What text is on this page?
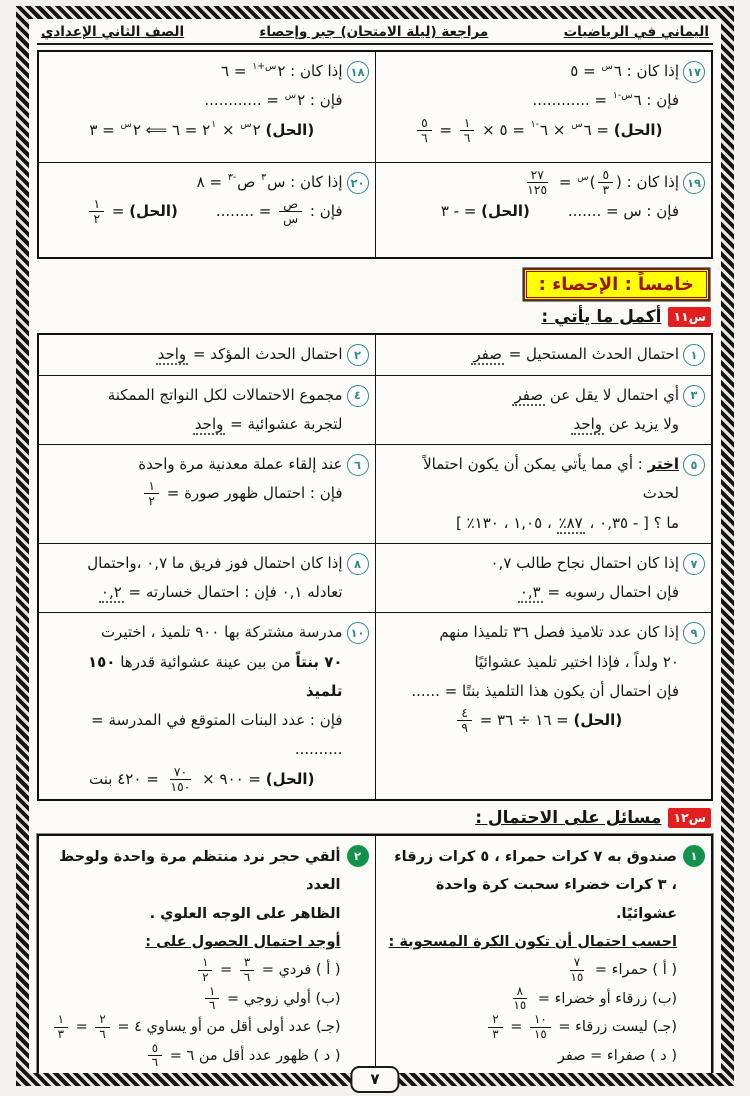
اليماني في الرياضيات
مراجعة (ليلة الامتحان) جبر وإحصاء
الصف الثاني الإعدادي
١٧
إذا كان : $٦^س$ = ٥
فإن : $٦^{س-١}$ = ............
(الحل) = $٦^س$ × $٦^{-١}$ = ٥ ×
$\frac{١}{٦}$
=
$\frac{٥}{٦}$

١٨
إذا كان : $٢^{س+١}$ = ٦
فإن : $٢^س$ = ............
(الحل) $٢^س$ × $٢^١$ = ٦ ⟸ $٢^س$ = ٣

١٩
إذا كان : (
$\frac{٥}{٣}$
)$^س$ =
$\frac{٢٧}{١٢٥}$
فإن : س = .......(الحل) = - ٣

٢٠
إذا كان : س$^٣$ ص$^{-٣}$ = ٨
فإن :
$\frac{\text{ص}}{\text{س}}$
= ........(الحل) =
$\frac{١}{٢}$
خامساً : الإحصاء :
س١١
أكمل ما يأتي :
١
احتمال الحدث المستحيل = صفر	٢
احتمال الحدث المؤكد = واحد

٣
أي احتمال لا يقل عن صفر
ولا يزيد عن واحد

٤
مجموع الاحتمالات لكل النواتج الممكنة
لتجربة عشوائية = واحد

٥
اختر : أي مما يأتي يمكن أن يكون احتمالاً لحدث
ما ؟ [ - ٠,٣٥ ، ٨٧٪ ، ١,٠٥ ، ١٣٠٪ ]

٦
عند إلقاء عملة معدنية مرة واحدة
فإن : احتمال ظهور صورة =
$\frac{١}{٢}$

٧
إذا كان احتمال نجاح طالب ٠,٧
فإن احتمال رسوبه = ٠,٣

٨
إذا كان احتمال فوز فريق ما ٠,٧ ،واحتمال
تعادله ٠,١ فإن : احتمال خسارته = ٠,٢

٩
إذا كان عدد تلاميذ فصل ٣٦ تلميذا منهم
٢٠ ولداً ، فإذا اختير تلميذ عشوائيًا
فإن احتمال أن يكون هذا التلميذ بنتًا = ......
(الحل) = ١٦ ÷ ٣٦ =
$\frac{٤}{٩}$

١٠
مدرسة مشتركة بها ٩٠٠ تلميذ ، اختيرت
٧٠ بنتاً من بين عينة عشوائية قدرها ١٥٠ تلميذ
فإن : عدد البنات المتوقع في المدرسة = ..........
(الحل) = ٩٠٠ ×
$\frac{٧٠}{١٥٠}$
= ٤٢٠ بنت
س١٢
مسائل على الاحتمال :
١
صندوق به ٧ كرات حمراء ، ٥ كرات زرقاء
، ٣ كرات خضراء سحبت كرة واحدة عشوائيًا.
احسب احتمال أن تكون الكرة المسحوبة :
( أ ) حمراء =
$\frac{٧}{١٥}$
(ب) زرقاء أو خضراء =
$\frac{٨}{١٥}$
(جـ) ليست زرقاء =
$\frac{١٠}{١٥}$
=
$\frac{٢}{٣}$
( د ) صفراء = صفر

٢
ألقي حجر نرد منتظم مرة واحدة ولوحظ العدد
الظاهر على الوجه العلوي .
أوجد احتمال الحصول على :
( أ ) فردي =
$\frac{٣}{٦}$
=
$\frac{١}{٢}$
(ب) أولي زوجي =
$\frac{١}{٦}$
(جـ) عدد أولى أقل من أو يساوي ٤ =
$\frac{٢}{٦}$
=
$\frac{١}{٣}$
( د ) ظهور عدد أقل من ٦ =
$\frac{٥}{٦}$
٧
